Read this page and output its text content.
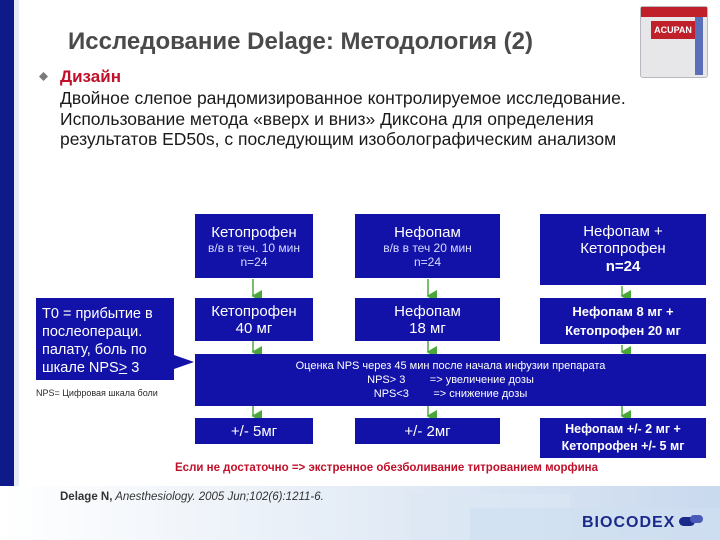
Исследование Delage: Методология (2)	ACUPAN
Дизайн
Двойное слепое рандомизированное контролируемое исследование.
Использование метода «вверх и вниз» Диксона для определения
результатов ED50s, с последующим изоболографическим анализом
Кетопрофен
в/в в теч. 10 мин
n=24
Нефопам
в/в в теч 20 мин
n=24
Нефопам +
Кетопрофен
n=24
T0 = прибытие в
послеопераци.
палату, боль по
шкале NPS> 3
NPS= Цифровая шкала боли
Кетопрофен
40 мг
Нефопам
18 мг
Нефопам 8 мг +
Кетопрофен 20 мг
Оценка NPS через 45 мин после начала инфузии препарата
NPS> 3        => увеличение дозы
NPS<3        => снижение дозы
+/- 5мг	+/- 2мг	Нефопам +/- 2 мг +
Кетопрофен +/- 5 мг
Если не достаточно => экстренное обезболивание титрованием морфина
Delage N, Anesthesiology. 2005 Jun;102(6):1211-6.
BIOCODEX
